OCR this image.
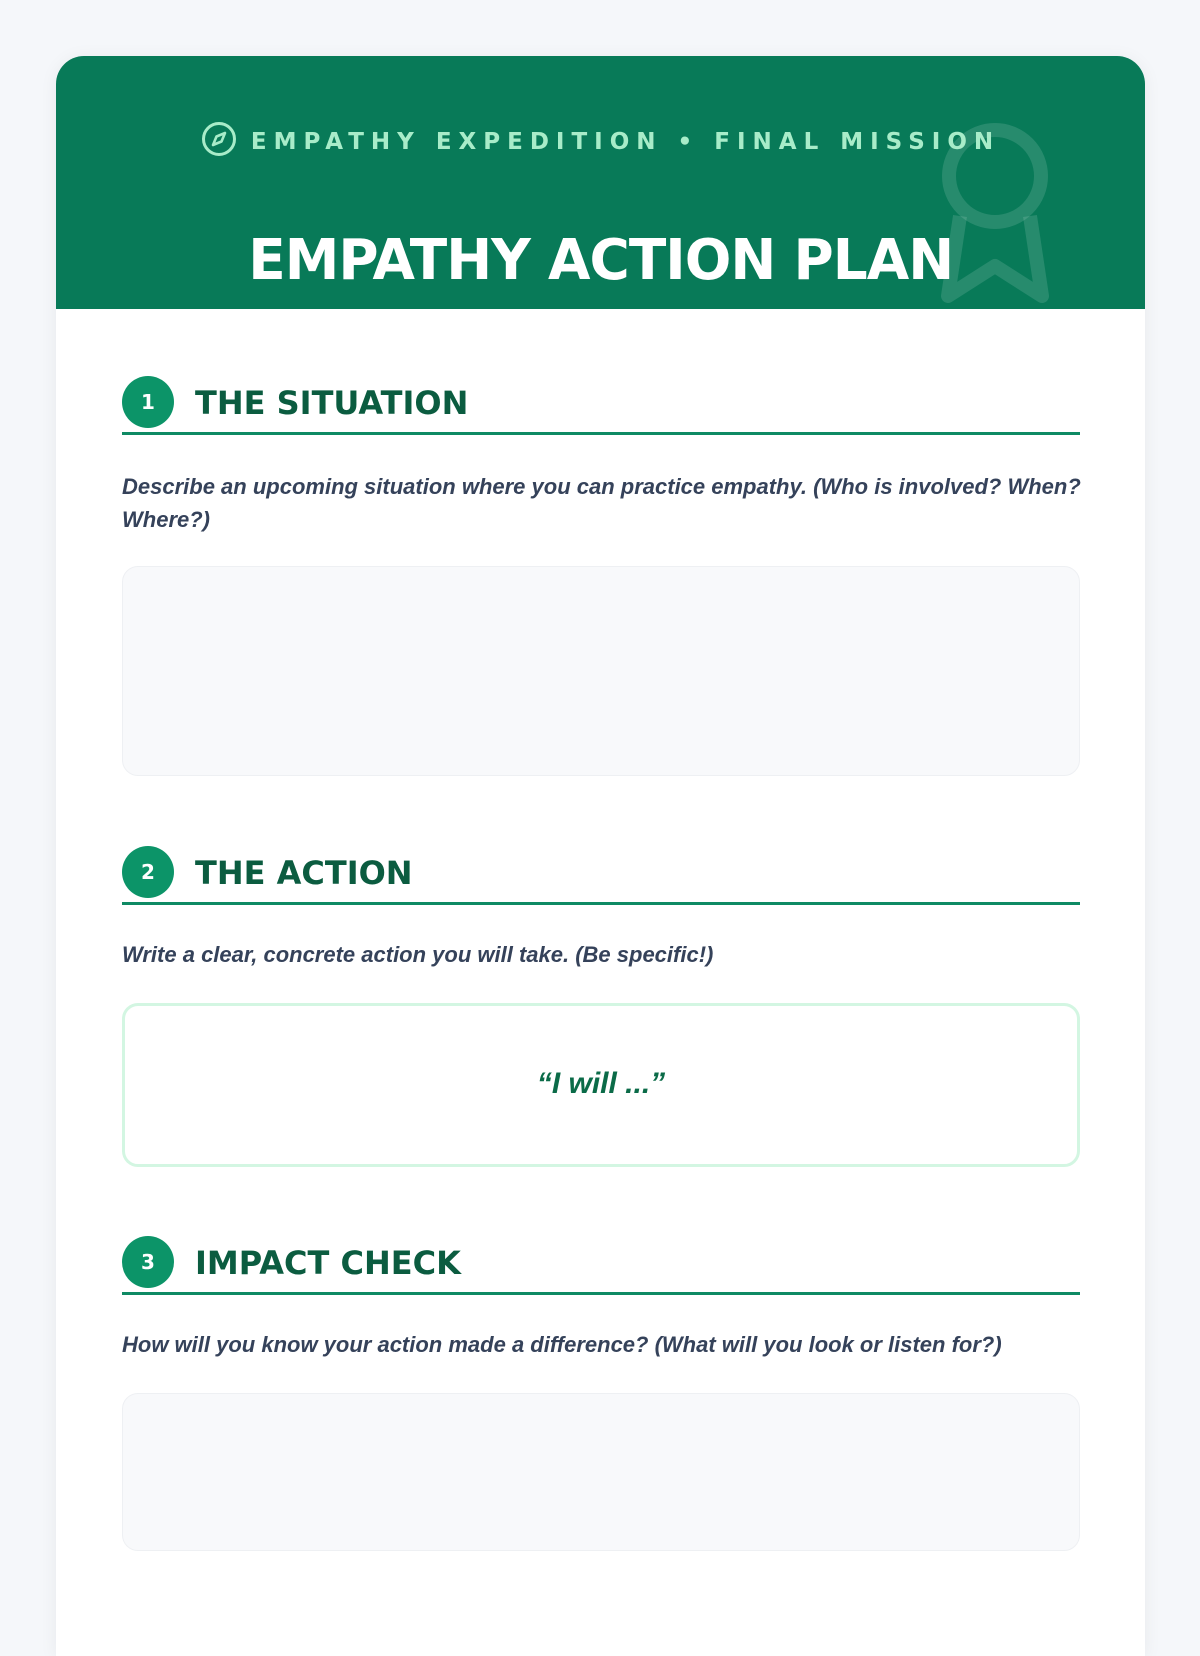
EMPATHY EXPEDITION • FINAL MISSION
EMPATHY ACTION PLAN
1	THE SITUATION
Describe an upcoming situation where you can practice empathy. (Who is involved? When? Where?)
2	THE ACTION
Write a clear, concrete action you will take. (Be specific!)
“I will ...”
3	IMPACT CHECK
How will you know your action made a difference? (What will you look or listen for?)
